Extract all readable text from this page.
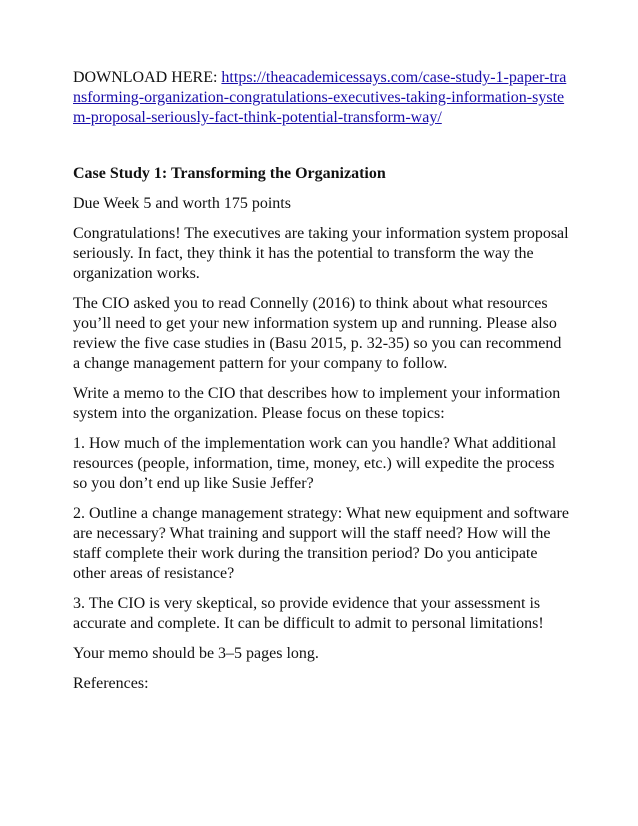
DOWNLOAD HERE: https://theacademicessays.com/case-study-1-paper-transforming-organization-congratulations-executives-taking-information-system-proposal-seriously-fact-think-potential-transform-way/

Case Study 1: Transforming the Organization

Due Week 5 and worth 175 points

Congratulations! The executives are taking your information system proposal seriously. In fact, they think it has the potential to transform the way the organization works.

The CIO asked you to read Connelly (2016) to think about what resources you’ll need to get your new information system up and running. Please also review the five case studies in (Basu 2015, p. 32-35) so you can recommend a change management pattern for your company to follow.

Write a memo to the CIO that describes how to implement your information system into the organization. Please focus on these topics:

1. How much of the implementation work can you handle? What additional resources (people, information, time, money, etc.) will expedite the process so you don’t end up like Susie Jeffer?

2. Outline a change management strategy: What new equipment and software are necessary? What training and support will the staff need? How will the staff complete their work during the transition period? Do you anticipate other areas of resistance?

3. The CIO is very skeptical, so provide evidence that your assessment is accurate and complete. It can be difficult to admit to personal limitations!

Your memo should be 3–5 pages long.

References:
